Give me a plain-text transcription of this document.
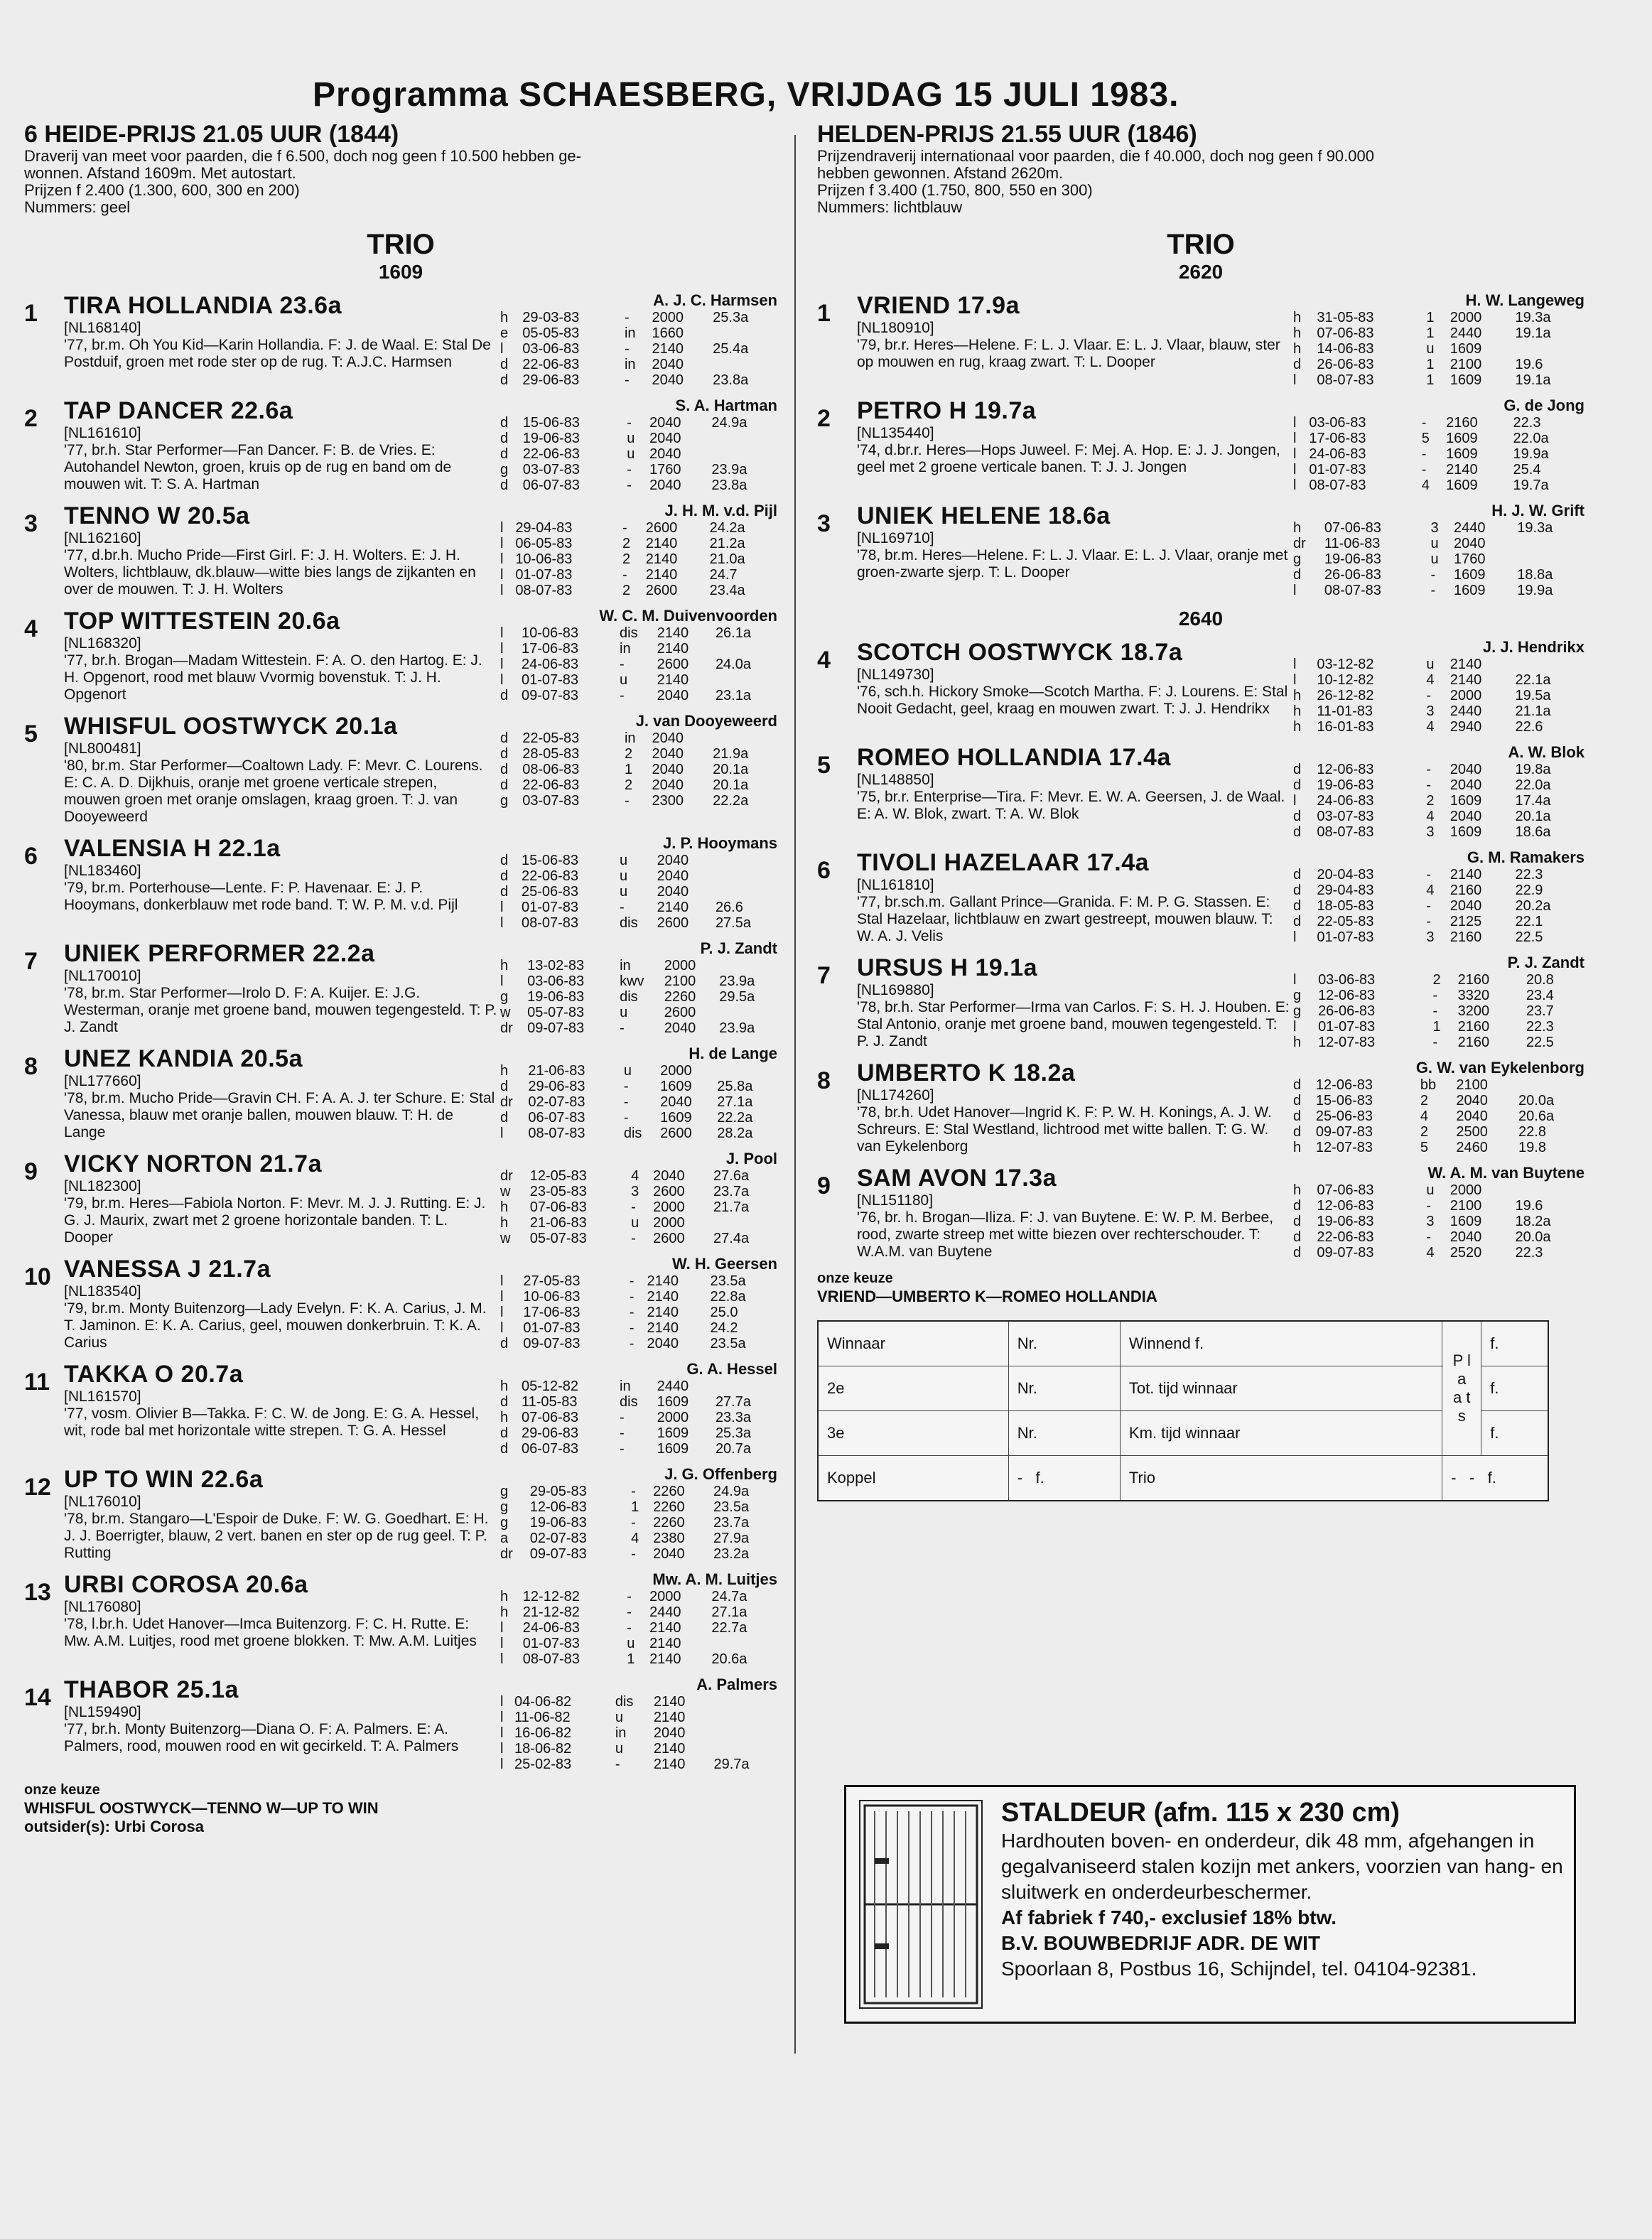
Programma SCHAESBERG, VRIJDAG 15 JULI 1983.
6 HEIDE-PRIJS 21.05 UUR (1844)
Draverij van meet voor paarden, die f 6.500, doch nog geen f 10.500 hebben ge-
wonnen. Afstand 1609m. Met autostart.
Prijzen f 2.400 (1.300, 600, 300 en 200)
Nummers: geel
TRIO
1609
1	TIRA HOLLANDIA 23.6a
[NL168140]
'77, br.m. Oh You Kid—Karin Hollandia. F: J. de Waal. E: Stal De Postduif, groen met rode ster op de rug. T: A.J.C. Harmsen
A. J. C. Harmsen
h	29-03-83	-	2000	25.3a
e	05-05-83	in	1660	
l	03-06-83	-	2140	25.4a
d	22-06-83	in	2040	
d	29-06-83	-	2040	23.8a
2	TAP DANCER 22.6a
[NL161610]
'77, br.h. Star Performer—Fan Dancer. F: B. de Vries. E: Autohandel Newton, groen, kruis op de rug en band om de mouwen wit. T: S. A. Hartman
S. A. Hartman
d	15-06-83	-	2040	24.9a
d	19-06-83	u	2040	
d	22-06-83	u	2040	
g	03-07-83	-	1760	23.9a
d	06-07-83	-	2040	23.8a
3	TENNO W 20.5a
[NL162160]
'77, d.br.h. Mucho Pride—First Girl. F: J. H. Wolters. E: J. H. Wolters, lichtblauw, dk.blauw—witte bies langs de zijkanten en over de mouwen. T: J. H. Wolters
J. H. M. v.d. Pijl
l	29-04-83	-	2600	24.2a
l	06-05-83	2	2140	21.2a
l	10-06-83	2	2140	21.0a
l	01-07-83	-	2140	24.7
l	08-07-83	2	2600	23.4a
4	TOP WITTESTEIN 20.6a
[NL168320]
'77, br.h. Brogan—Madam Wittestein. F: A. O. den Hartog. E: J. H. Opgenort, rood met blauw Vvormig bovenstuk. T: J. H. Opgenort
W. C. M. Duivenvoorden
l	10-06-83	dis	2140	26.1a
l	17-06-83	in	2140	
l	24-06-83	-	2600	24.0a
l	01-07-83	u	2140	
d	09-07-83	-	2040	23.1a
5	WHISFUL OOSTWYCK 20.1a
[NL800481]
'80, br.m. Star Performer—Coaltown Lady. F: Mevr. C. Lourens. E: C. A. D. Dijkhuis, oranje met groene verticale strepen, mouwen groen met oranje omslagen, kraag groen. T: J. van Dooyeweerd
J. van Dooyeweerd
d	22-05-83	in	2040	
d	28-05-83	2	2040	21.9a
d	08-06-83	1	2040	20.1a
d	22-06-83	2	2040	20.1a
g	03-07-83	-	2300	22.2a
6	VALENSIA H 22.1a
[NL183460]
'79, br.m. Porterhouse—Lente. F: P. Havenaar. E: J. P. Hooymans, donkerblauw met rode band. T: W. P. M. v.d. Pijl
J. P. Hooymans
d	15-06-83	u	2040	
d	22-06-83	u	2040	
d	25-06-83	u	2040	
l	01-07-83	-	2140	26.6
l	08-07-83	dis	2600	27.5a
7	UNIEK PERFORMER 22.2a
[NL170010]
'78, br.m. Star Performer—Irolo D. F: A. Kuijer. E: J.G. Westerman, oranje met groene band, mouwen tegengesteld. T: P. J. Zandt
P. J. Zandt
h	13-02-83	in	2000	
l	03-06-83	kwv	2100	23.9a
g	19-06-83	dis	2260	29.5a
w	05-07-83	u	2600	
dr	09-07-83	-	2040	23.9a
8	UNEZ KANDIA 20.5a
[NL177660]
'78, br.m. Mucho Pride—Gravin CH. F: A. A. J. ter Schure. E: Stal Vanessa, blauw met oranje ballen, mouwen blauw. T: H. de Lange
H. de Lange
h	21-06-83	u	2000	
d	29-06-83	-	1609	25.8a
dr	02-07-83	-	2040	27.1a
d	06-07-83	-	1609	22.2a
l	08-07-83	dis	2600	28.2a
9	VICKY NORTON 21.7a
[NL182300]
'79, br.m. Heres—Fabiola Norton. F: Mevr. M. J. J. Rutting. E: J. G. J. Maurix, zwart met 2 groene horizontale banden. T: L. Dooper
J. Pool
dr	12-05-83	4	2040	27.6a
w	23-05-83	3	2600	23.7a
h	07-06-83	-	2000	21.7a
h	21-06-83	u	2000	
w	05-07-83	-	2600	27.4a
10 VANESSA J 21.7a
[NL183540]
'79, br.m. Monty Buitenzorg—Lady Evelyn. F: K. A. Carius, J. M. T. Jaminon. E: K. A. Carius, geel, mouwen donkerbruin. T: K. A. Carius
W. H. Geersen
l	27-05-83	-	2140	23.5a
l	10-06-83	-	2140	22.8a
l	17-06-83	-	2140	25.0
l	01-07-83	-	2140	24.2
d	09-07-83	-	2040	23.5a
11 TAKKA O 20.7a
[NL161570]
'77, vosm. Olivier B—Takka. F: C. W. de Jong. E: G. A. Hessel, wit, rode bal met horizontale witte strepen. T: G. A. Hessel
G. A. Hessel
h	05-12-82	in	2440	
d	11-05-83	dis	1609	27.7a
h	07-06-83	-	2000	23.3a
d	29-06-83	-	1609	25.3a
d	06-07-83	-	1609	20.7a
12 UP TO WIN 22.6a
[NL176010]
'78, br.m. Stangaro—L'Espoir de Duke. F: W. G. Goedhart. E: H. J. J. Boerrigter, blauw, 2 vert. banen en ster op de rug geel. T: P. Rutting
J. G. Offenberg
g	29-05-83	-	2260	24.9a
g	12-06-83	1	2260	23.5a
g	19-06-83	-	2260	23.7a
a	02-07-83	4	2380	27.9a
dr	09-07-83	-	2040	23.2a
13 URBI COROSA 20.6a
[NL176080]
'78, l.br.h. Udet Hanover—Imca Buitenzorg. F: C. H. Rutte. E: Mw. A.M. Luitjes, rood met groene blokken. T: Mw. A.M. Luitjes
Mw. A. M. Luitjes
h	12-12-82	-	2000	24.7a
h	21-12-82	-	2440	27.1a
l	24-06-83	-	2140	22.7a
l	01-07-83	u	2140	
l	08-07-83	1	2140	20.6a
14 THABOR 25.1a
[NL159490]
'77, br.h. Monty Buitenzorg—Diana O. F: A. Palmers. E: A. Palmers, rood, mouwen rood en wit gecirkeld. T: A. Palmers
A. Palmers
l	04-06-82	dis	2140	
l	11-06-82	u	2140	
l	16-06-82	in	2040	
l	18-06-82	u	2140	
l	25-02-83	-	2140	29.7a
onze keuze
WHISFUL OOSTWYCK—TENNO W—UP TO WIN
outsider(s): Urbi Corosa
HELDEN-PRIJS 21.55 UUR (1846)
Prijzendraverij internationaal voor paarden, die f 40.000, doch nog geen f 90.000
hebben gewonnen. Afstand 2620m.
Prijzen f 3.400 (1.750, 800, 550 en 300)
Nummers: lichtblauw
TRIO
2620
1	VRIEND 17.9a
[NL180910]
'79, br.r. Heres—Helene. F: L. J. Vlaar. E: L. J. Vlaar, blauw, ster op mouwen en rug, kraag zwart. T: L. Dooper
H. W. Langeweg
h	31-05-83	1	2000	19.3a
h	07-06-83	1	2440	19.1a
h	14-06-83	u	1609	
d	26-06-83	1	2100	19.6
l	08-07-83	1	1609	19.1a
2	PETRO H 19.7a
[NL135440]
'74, d.br.r. Heres—Hops Juweel. F: Mej. A. Hop. E: J. J. Jongen, geel met 2 groene verticale banen. T: J. J. Jongen
G. de Jong
l	03-06-83	-	2160	22.3
l	17-06-83	5	1609	22.0a
l	24-06-83	-	1609	19.9a
l	01-07-83	-	2140	25.4
l	08-07-83	4	1609	19.7a
3	UNIEK HELENE 18.6a
[NL169710]
'78, br.m. Heres—Helene. F: L. J. Vlaar. E: L. J. Vlaar, oranje met groen-zwarte sjerp. T: L. Dooper
H. J. W. Grift
h	07-06-83	3	2440	19.3a
dr	11-06-83	u	2040	
g	19-06-83	u	1760	
d	26-06-83	-	1609	18.8a
l	08-07-83	-	1609	19.9a
2640
4	SCOTCH OOSTWYCK 18.7a
[NL149730]
'76, sch.h. Hickory Smoke—Scotch Martha. F: J. Lourens. E: Stal Nooit Gedacht, geel, kraag en mouwen zwart. T: J. J. Hendrikx
J. J. Hendrikx
l	03-12-82	u	2140	
l	10-12-82	4	2140	22.1a
h	26-12-82	-	2000	19.5a
h	11-01-83	3	2440	21.1a
h	16-01-83	4	2940	22.6
5	ROMEO HOLLANDIA 17.4a
[NL148850]
'75, br.r. Enterprise—Tira. F: Mevr. E. W. A. Geersen, J. de Waal. E: A. W. Blok, zwart. T: A. W. Blok
A. W. Blok
d	12-06-83	-	2040	19.8a
d	19-06-83	-	2040	22.0a
l	24-06-83	2	1609	17.4a
d	03-07-83	4	2040	20.1a
d	08-07-83	3	1609	18.6a
6	TIVOLI HAZELAAR 17.4a
[NL161810]
'77, br.sch.m. Gallant Prince—Granida. F: M. P. G. Stassen. E: Stal Hazelaar, lichtblauw en zwart gestreept, mouwen blauw. T: W. A. J. Velis
G. M. Ramakers
d	20-04-83	-	2140	22.3
d	29-04-83	4	2160	22.9
d	18-05-83	-	2040	20.2a
d	22-05-83	-	2125	22.1
l	01-07-83	3	2160	22.5
7	URSUS H 19.1a
[NL169880]
'78, br.h. Star Performer—Irma van Carlos. F: S. H. J. Houben. E: Stal Antonio, oranje met groene band, mouwen tegengesteld. T: P. J. Zandt
P. J. Zandt
l	03-06-83	2	2160	20.8
g	12-06-83	-	3320	23.4
g	26-06-83	-	3200	23.7
l	01-07-83	1	2160	22.3
h	12-07-83	-	2160	22.5
8	UMBERTO K 18.2a
[NL174260]
'78, br.h. Udet Hanover—Ingrid K. F: P. W. H. Konings, A. J. W. Schreurs. E: Stal Westland, lichtrood met witte ballen. T: G. W. van Eykelenborg
G. W. van Eykelenborg
d	12-06-83	bb	2100	
d	15-06-83	2	2040	20.0a
d	25-06-83	4	2040	20.6a
d	09-07-83	2	2500	22.8
h	12-07-83	5	2460	19.8
9	SAM AVON 17.3a
[NL151180]
'76, br. h. Brogan—Iliza. F: J. van Buytene. E: W. P. M. Berbee, rood, zwarte streep met witte biezen over rechterschouder. T: W.A.M. van Buytene
W. A. M. van Buytene
h	07-06-83	u	2000	
d	12-06-83	-	2100	19.6
d	19-06-83	3	1609	18.2a
d	22-06-83	-	2040	20.0a
d	09-07-83	4	2520	22.3
onze keuze
VRIEND—UMBERTO K—ROMEO HOLLANDIA
Winnaar	Nr.	Winnend f.	P l a a t s	f.
2e	Nr.	Tot. tijd winnaar		f.
3e	Nr.	Km. tijd winnaar		f.
Koppel	- f.	Trio	- - f.	
STALDEUR (afm. 115 x 230 cm)
Hardhouten boven- en onderdeur, dik 48 mm, afgehangen in gegalvaniseerd stalen kozijn met ankers, voorzien van hang- en sluitwerk en onderdeurbeschermer.
Af fabriek f 740,- exclusief 18% btw.
B.V. BOUWBEDRIJF ADR. DE WIT
Spoorlaan 8, Postbus 16, Schijndel, tel. 04104-92381.
